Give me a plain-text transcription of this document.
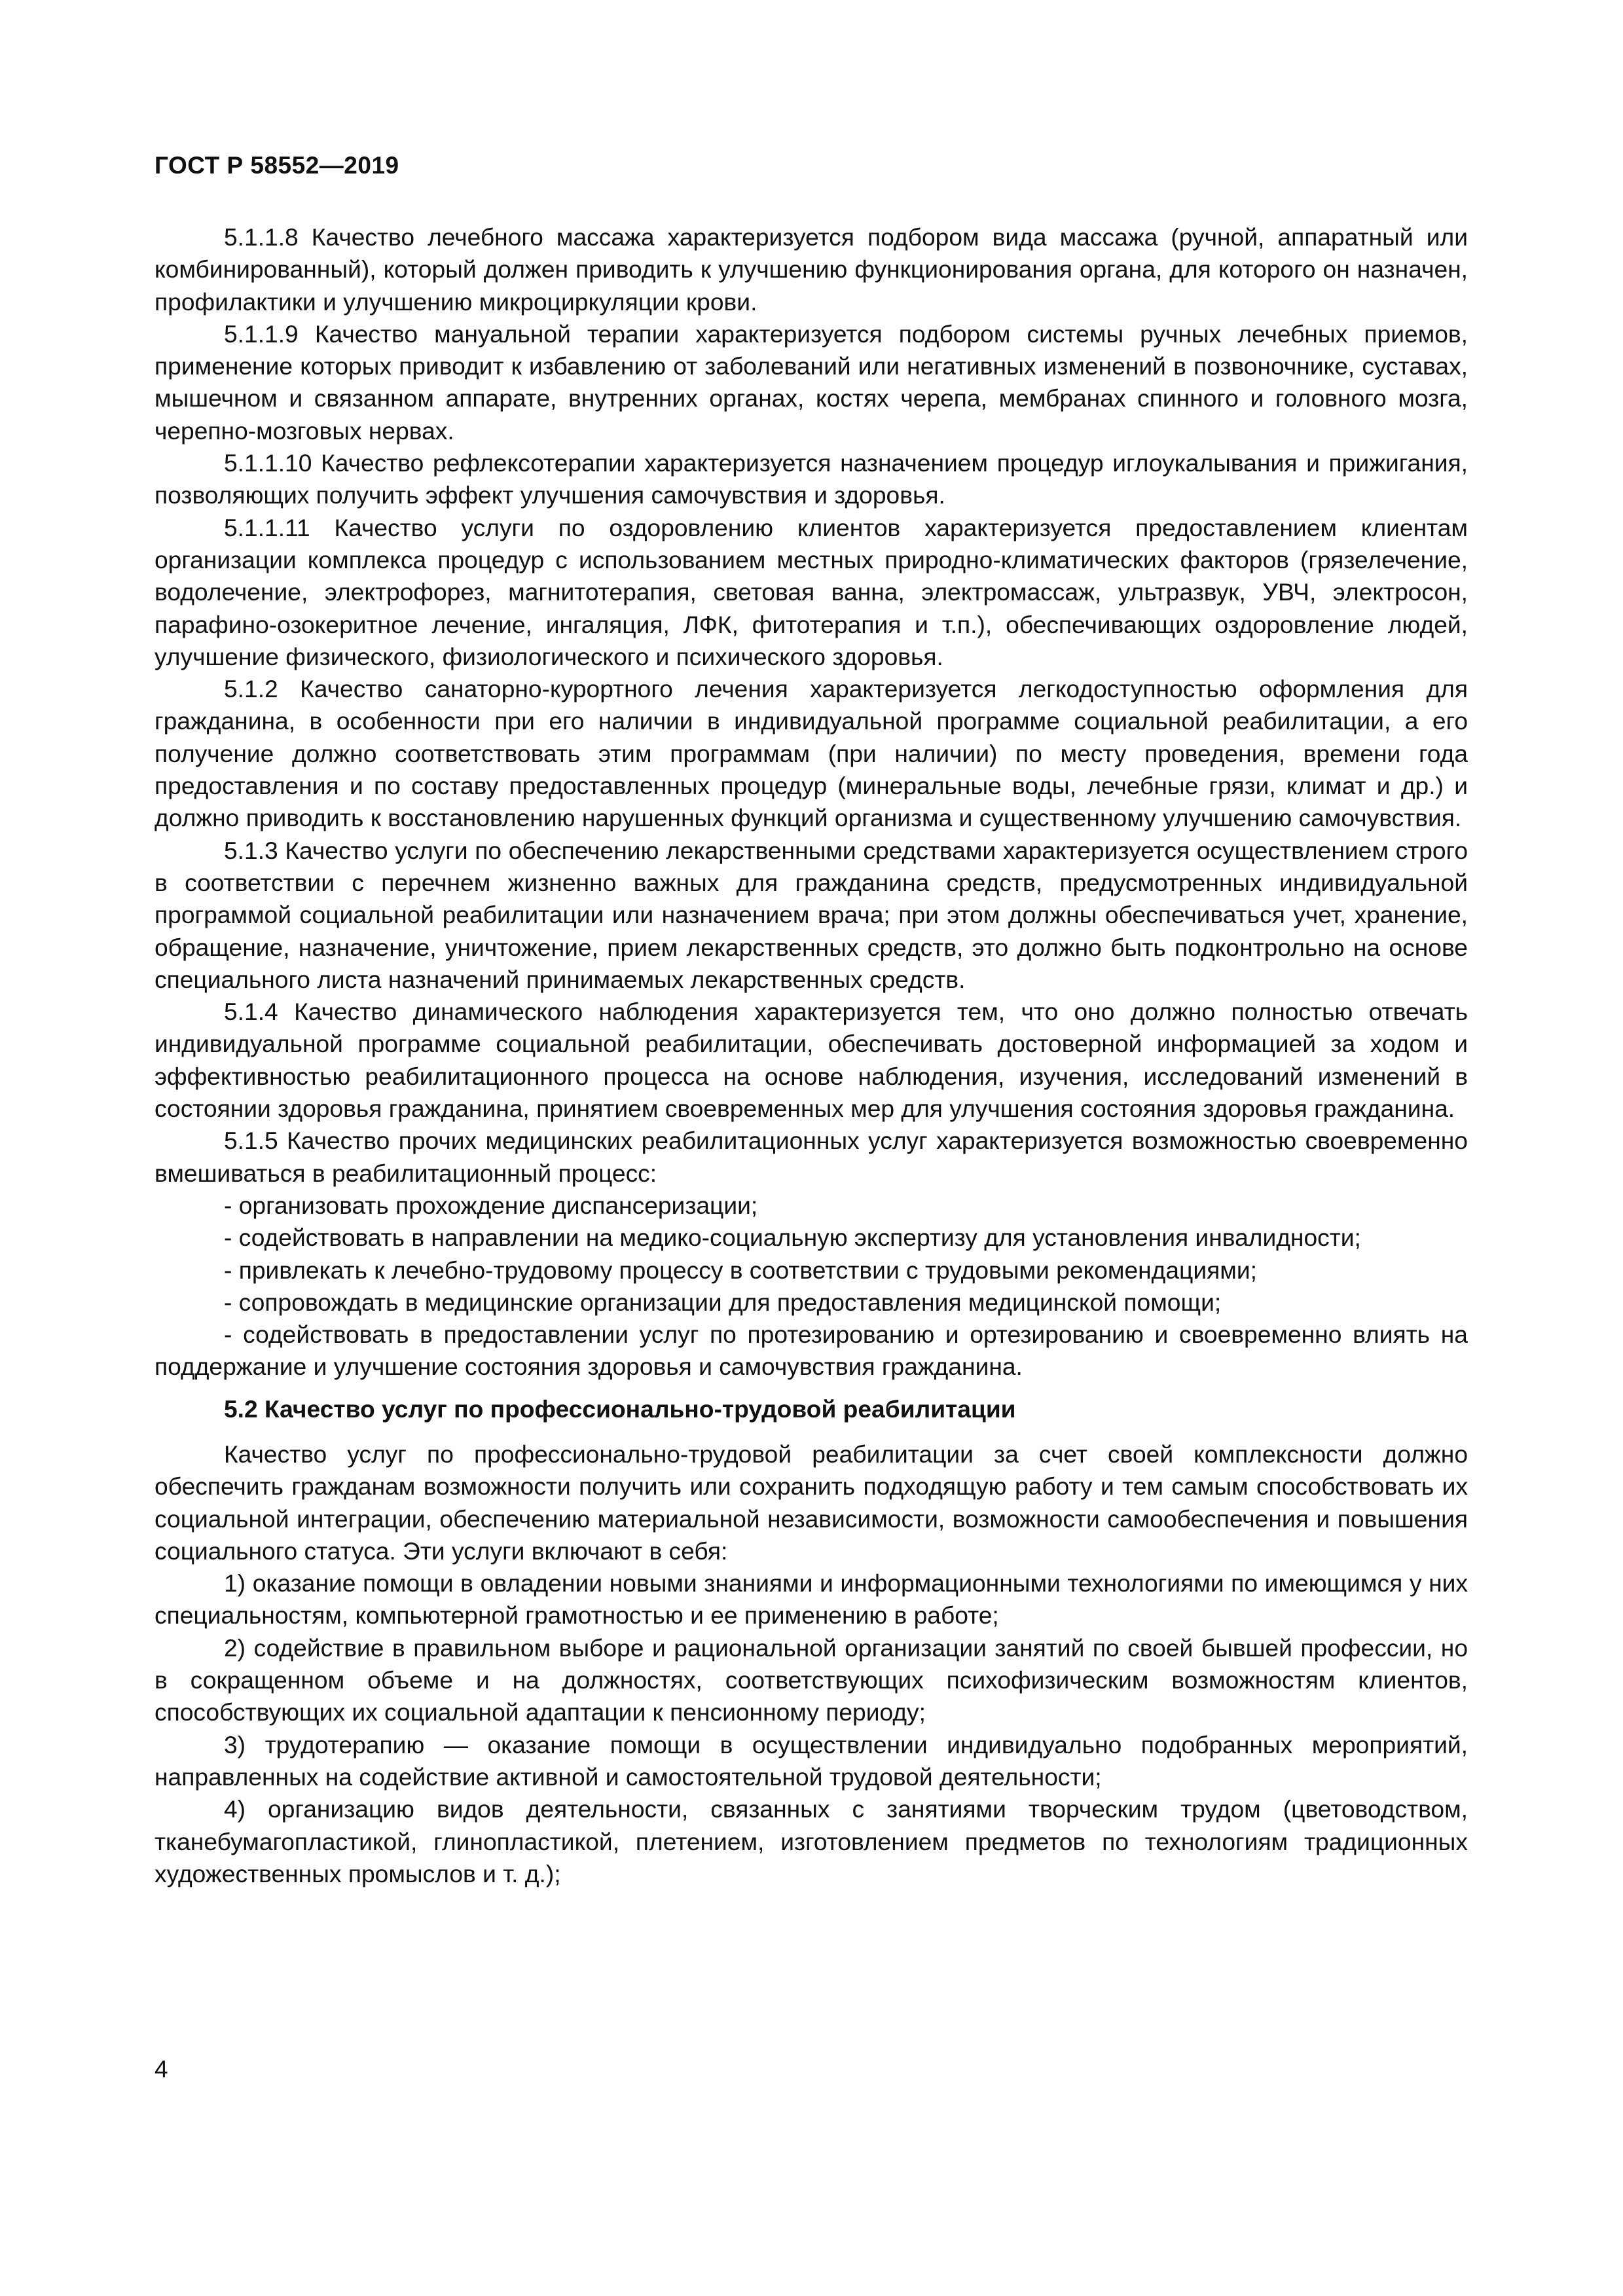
ГОСТ Р 58552—2019

5.1.1.8 Качество лечебного массажа характеризуется подбором вида массажа (ручной, аппаратный или комбинированный), который должен приводить к улучшению функционирования органа, для которого он назначен, профилактики и улучшению микроциркуляции крови.

5.1.1.9 Качество мануальной терапии характеризуется подбором системы ручных лечебных приемов, применение которых приводит к избавлению от заболеваний или негативных изменений в позвоночнике, суставах, мышечном и связанном аппарате, внутренних органах, костях черепа, мембранах спинного и головного мозга, черепно-мозговых нервах.

5.1.1.10 Качество рефлексотерапии характеризуется назначением процедур иглоукалывания и прижигания, позволяющих получить эффект улучшения самочувствия и здоровья.

5.1.1.11 Качество услуги по оздоровлению клиентов характеризуется предоставлением клиентам организации комплекса процедур с использованием местных природно-климатических факторов (грязелечение, водолечение, электрофорез, магнитотерапия, световая ванна, электромассаж, ультразвук, УВЧ, электросон, парафино-озокеритное лечение, ингаляция, ЛФК, фитотерапия и т.п.), обеспечивающих оздоровление людей, улучшение физического, физиологического и психического здоровья.

5.1.2 Качество санаторно-курортного лечения характеризуется легкодоступностью оформления для гражданина, в особенности при его наличии в индивидуальной программе социальной реабилитации, а его получение должно соответствовать этим программам (при наличии) по месту проведения, времени года предоставления и по составу предоставленных процедур (минеральные воды, лечебные грязи, климат и др.) и должно приводить к восстановлению нарушенных функций организма и существенному улучшению самочувствия.

5.1.3 Качество услуги по обеспечению лекарственными средствами характеризуется осуществлением строго в соответствии с перечнем жизненно важных для гражданина средств, предусмотренных индивидуальной программой социальной реабилитации или назначением врача; при этом должны обеспечиваться учет, хранение, обращение, назначение, уничтожение, прием лекарственных средств, это должно быть подконтрольно на основе специального листа назначений принимаемых лекарственных средств.

5.1.4 Качество динамического наблюдения характеризуется тем, что оно должно полностью отвечать индивидуальной программе социальной реабилитации, обеспечивать достоверной информацией за ходом и эффективностью реабилитационного процесса на основе наблюдения, изучения, исследований изменений в состоянии здоровья гражданина, принятием своевременных мер для улучшения состояния здоровья гражданина.

5.1.5 Качество прочих медицинских реабилитационных услуг характеризуется возможностью своевременно вмешиваться в реабилитационный процесс:

- организовать прохождение диспансеризации;

- содействовать в направлении на медико-социальную экспертизу для установления инвалидности;

- привлекать к лечебно-трудовому процессу в соответствии с трудовыми рекомендациями;

- сопровождать в медицинские организации для предоставления медицинской помощи;

- содействовать в предоставлении услуг по протезированию и ортезированию и своевременно влиять на поддержание и улучшение состояния здоровья и самочувствия гражданина.

5.2 Качество услуг по профессионально-трудовой реабилитации

Качество услуг по профессионально-трудовой реабилитации за счет своей комплексности должно обеспечить гражданам возможности получить или сохранить подходящую работу и тем самым способствовать их социальной интеграции, обеспечению материальной независимости, возможности самообеспечения и повышения социального статуса. Эти услуги включают в себя:

1) оказание помощи в овладении новыми знаниями и информационными технологиями по имеющимся у них специальностям, компьютерной грамотностью и ее применению в работе;

2) содействие в правильном выборе и рациональной организации занятий по своей бывшей профессии, но в сокращенном объеме и на должностях, соответствующих психофизическим возможностям клиентов, способствующих их социальной адаптации к пенсионному периоду;

3) трудотерапию — оказание помощи в осуществлении индивидуально подобранных мероприятий, направленных на содействие активной и самостоятельной трудовой деятельности;

4) организацию видов деятельности, связанных с занятиями творческим трудом (цветоводством, тканебумагопластикой, глинопластикой, плетением, изготовлением предметов по технологиям традиционных художественных промыслов и т. д.);

4
